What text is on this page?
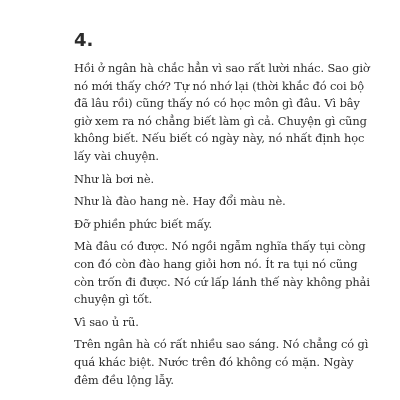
4.

Hồi ở ngân hà chắc hẳn vì sao rất lười nhác. Sao giờ nó mới thấy chớ? Tự nó nhớ lại (thời khắc đó coi bộ đã lâu rồi) cũng thấy nó có học môn gì đâu. Vì bây giờ xem ra nó chẳng biết làm gì cả. Chuyện gì cũng không biết. Nếu biết có ngày này, nó nhất định học lấy vài chuyện.

Như là bơi nè.

Như là đào hang nè. Hay đổi màu nè.

Đỡ phiền phức biết mấy.

Mà đâu có được. Nó ngồi ngẫm nghĩa thấy tụi còng con đó còn đào hang giỏi hơn nó. Ít ra tụi nó cũng còn trốn đi được. Nó cứ lấp lánh thế này không phải chuyện gì tốt.

Vì sao ủ rũ.

Trên ngân hà có rất nhiều sao sáng. Nó chẳng có gì quá khác biệt. Nước trên đó không có mặn. Ngày đêm đều lộng lẫy.
